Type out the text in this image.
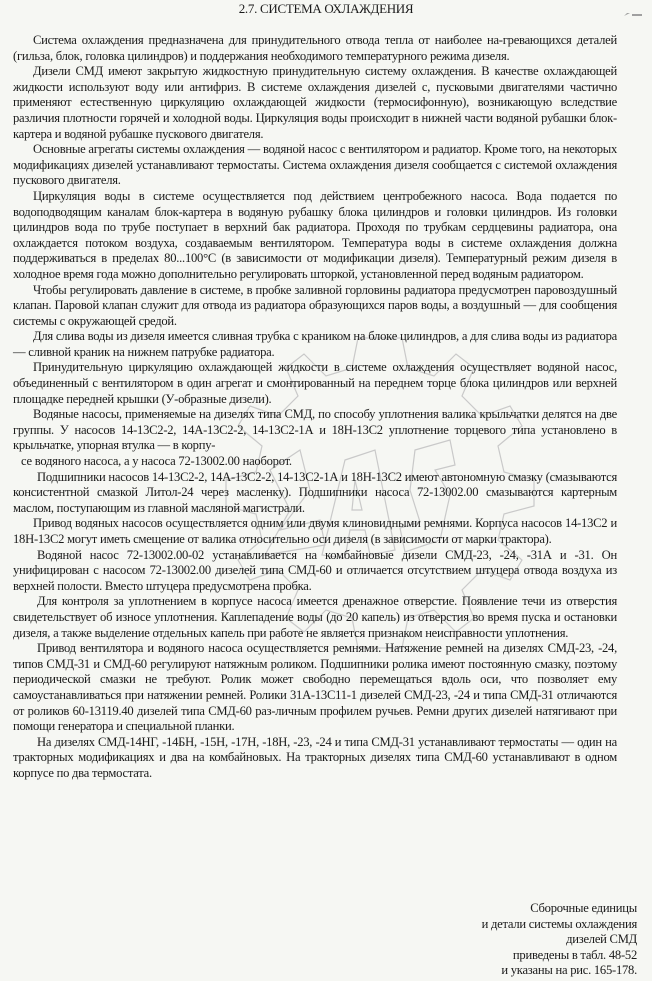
2.7. СИСТЕМА ОХЛАЖДЕНИЯ

Система охлаждения предназначена для принудительного отвода тепла от наиболее на-гревающихся деталей (гильза, блок, головка цилиндров) и поддержания необходимого температурного режима дизеля.

Дизели СМД имеют закрытую жидкостную принудительную систему охлаждения. В качестве охлаждающей жидкости используют воду или антифриз. В системе охлаждения дизелей с, пусковыми двигателями частично применяют естественную циркуляцию охлаждающей жидкости (термосифонную), возникающую вследствие различия плотности горячей и холодной воды. Циркуляция воды происходит в нижней части водяной рубашки блок-картера и водяной рубашке пускового двигателя.

Основные агрегаты системы охлаждения — водяной насос с вентилятором и радиатор. Кроме того, на некоторых модификациях дизелей устанавливают термостаты. Система охлаждения дизеля сообщается с системой охлаждения пускового двигателя.

Циркуляция воды в системе осуществляется под действием центробежного насоса. Вода подается по водоподводящим каналам блок-картера в водяную рубашку блока цилиндров и головки цилиндров. Из головки цилиндров вода по трубе поступает в верхний бак радиатора. Проходя по трубкам сердцевины радиатора, она охлаждается потоком воздуха, создаваемым вентилятором. Температура воды в системе охлаждения должна поддерживаться в пределах 80...100°С (в зависимости от модификации дизеля). Температурный режим дизеля в холодное время года можно дополнительно регулировать шторкой, установленной перед водяным радиатором.

Чтобы регулировать давление в системе, в пробке заливной горловины радиатора предусмотрен паровоздушный клапан. Паровой клапан служит для отвода из радиатора образующихся паров воды, а воздушный — для сообщения системы с окружающей средой.

Для слива воды из дизеля имеется сливная трубка с краником на блоке цилиндров, а для слива воды из радиатора — сливной краник на нижнем патрубке радиатора.

Принудительную циркуляцию охлаждающей жидкости в системе охлаждения осуществляет водяной насос, объединенный с вентилятором в один агрегат и смонтированный на переднем торце блока цилиндров или верхней площадке передней крышки (У-образные дизели).

Водяные насосы, применяемые на дизелях типа СМД, по способу уплотнения валика крыльчатки делятся на две группы. У насосов 14-13С2-2, 14А-13С2-2, 14-13С2-1А и 18Н-13С2 уплотнение торцевого типа установлено в крыльчатке, упорная втулка — в корпу-

се водяного насоса, а у насоса 72-13002.00 наоборот.

Подшипники насосов 14-13С2-2, 14А-13С2-2, 14-13С2-1А и 18Н-13С2 имеют автономную смазку (смазываются консистентной смазкой Литол-24 через масленку). Подшипники насоса 72-13002.00 смазываются картерным маслом, поступающим из главной масляной магистрали.

Привод водяных насосов осуществляется одним или двумя клиновидными ремнями. Корпуса насосов 14-13С2 и 18Н-13С2 могут иметь смещение от валика относительно оси дизеля (в зависимости от марки трактора).

Водяной насос 72-13002.00-02 устанавливается на комбайновые дизели СМД-23, -24, -31А и -31. Он унифицирован с насосом 72-13002.00 дизелей типа СМД-60 и отличается отсутствием штуцера отвода воздуха из верхней полости. Вместо штуцера предусмотрена пробка.

Для контроля за уплотнением в корпусе насоса имеется дренажное отверстие. Появление течи из отверстия свидетельствует об износе уплотнения. Каплепадение воды (до 20 капель) из отверстия во время пуска и остановки дизеля, а также выделение отдельных капель при работе не является признаком неисправности уплотнения.

Привод вентилятора и водяного насоса осуществляется ремнями. Натяжение ремней на дизелях СМД-23, -24, типов СМД-31 и СМД-60 регулируют натяжным роликом. Подшипники ролика имеют постоянную смазку, поэтому периодической смазки не требуют. Ролик может свободно перемещаться вдоль оси, что позволяет ему самоустанавливаться при натяжении ремней. Ролики 31А-13С11-1 дизелей СМД-23, -24 и типа СМД-31 отличаются от роликов 60-13119.40 дизелей типа СМД-60 раз-личным профилем ручьев. Ремни других дизелей натягивают при помощи генератора и специальной планки.

На дизелях СМД-14НГ, -14БН, -15Н, -17Н, -18Н, -23, -24 и типа СМД-31 устанавливают термостаты — один на тракторных модификациях и два на комбайновых. На тракторных дизелях типа СМД-60 устанавливают в одном корпусе по два термостата.

Сборочные единицы
и детали системы охлаждения
дизелей СМД
приведены в табл. 48-52
и указаны на рис. 165-178.
